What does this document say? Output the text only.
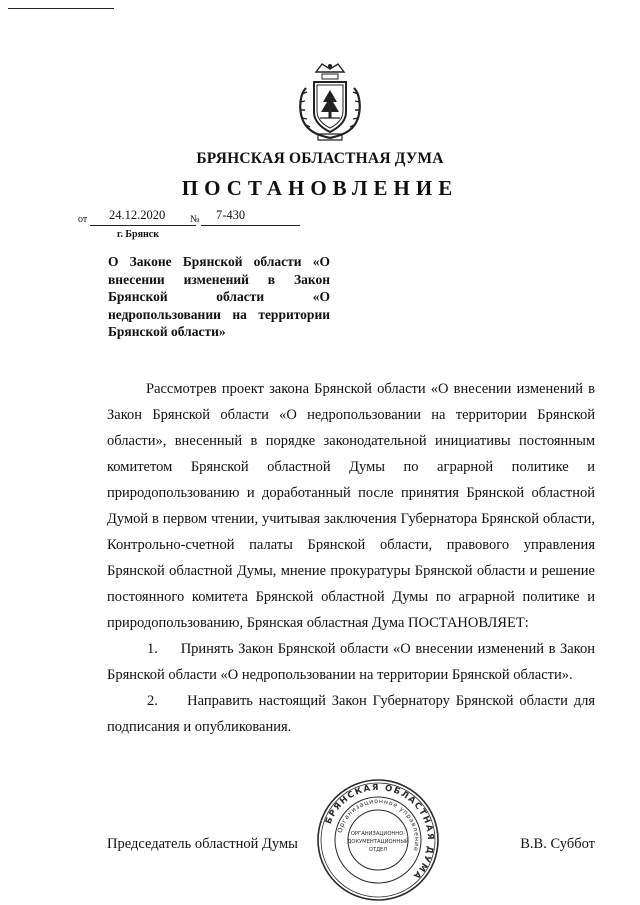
БРЯНСКАЯ ОБЛАСТНАЯ ДУМА
ПОСТАНОВЛЕНИЕ
от 24.12.2020 № 7-430
г. Брянск
О Законе Брянской области «О внесении изменений в Закон Брянской области «О недропользовании на территории Брянской области»

Рассмотрев проект закона Брянской области «О внесении изменений в Закон Брянской области «О недропользовании на территории Брянской области», внесенный в порядке законодательной инициативы постоянным комитетом Брянской областной Думы по аграрной политике и природопользованию и доработанный после принятия Брянской областной Думой в первом чтении, учитывая заключения Губернатора Брянской области, Контрольно-счетной палаты Брянской области, правового управления Брянской областной Думы, мнение прокуратуры Брянской области и решение постоянного комитета Брянской областной Думы по аграрной политике и природопользованию, Брянская областная Дума ПОСТАНОВЛЯЕТ:

1.     Принять Закон Брянской области «О внесении изменений в Закон Брянской области «О недропользовании на территории Брянской области».

2.     Направить настоящий Закон Губернатору Брянской области для подписания и опубликования.

Председатель областной Думы	В.В. Суббот
БРЯНСКАЯ ОБЛАСТНАЯ ДУМА
Организационное управление
ОРГАНИЗАЦИОННО-
ДОКУМЕНТАЦИОННЫЙ
ОТДЕЛ
